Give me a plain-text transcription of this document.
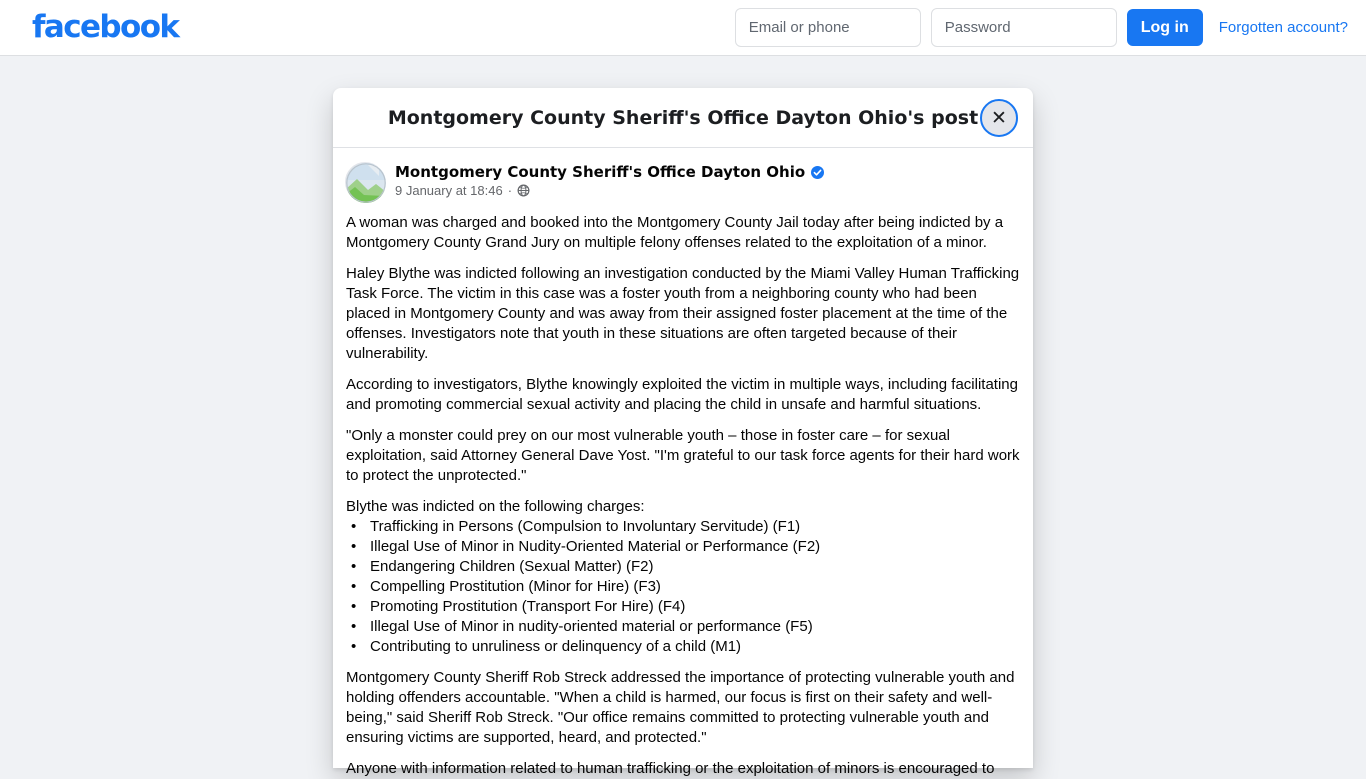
facebook
Email or phone	Log in	Forgotten account?
Montgomery County Sheriff's Office Dayton Ohio's post ✕
Montgomery County Sheriff's Office Dayton Ohio
9 January at 18:46 ·

A woman was charged and booked into the Montgomery County Jail today after being indicted by a Montgomery County Grand Jury on multiple felony offenses related to the exploitation of a minor.

Haley Blythe was indicted following an investigation conducted by the Miami Valley Human Trafficking Task Force. The victim in this case was a foster youth from a neighboring county who had been placed in Montgomery County and was away from their assigned foster placement at the time of the offenses. Investigators note that youth in these situations are often targeted because of their vulnerability.

According to investigators, Blythe knowingly exploited the victim in multiple ways, including facilitating and promoting commercial sexual activity and placing the child in unsafe and harmful situations.

"Only a monster could prey on our most vulnerable youth – those in foster care – for sexual exploitation, said Attorney General Dave Yost. "I'm grateful to our task force agents for their hard work to protect the unprotected."

Blythe was indicted on the following charges:

• Trafficking in Persons (Compulsion to Involuntary Servitude) (F1)
• Illegal Use of Minor in Nudity-Oriented Material or Performance (F2)
• Endangering Children (Sexual Matter) (F2)
• Compelling Prostitution (Minor for Hire) (F3)
• Promoting Prostitution (Transport For Hire) (F4)
• Illegal Use of Minor in nudity-oriented material or performance (F5)
• Contributing to unruliness or delinquency of a child (M1)

Montgomery County Sheriff Rob Streck addressed the importance of protecting vulnerable youth and holding offenders accountable. "When a child is harmed, our focus is first on their safety and well-being," said Sheriff Rob Streck. "Our office remains committed to protecting vulnerable youth and ensuring victims are supported, heard, and protected."

Anyone with information related to human trafficking or the exploitation of minors is encouraged to
